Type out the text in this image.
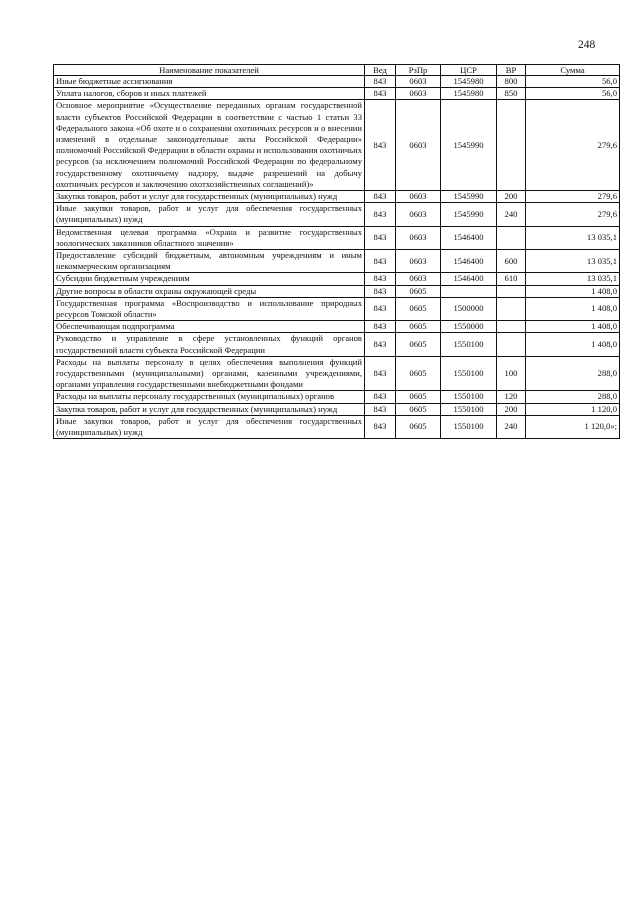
248
Наименование показателей	Вед	РзПр	ЦСР	ВР	Сумма
Иные бюджетные ассигнования	843	0603	1545980	800	56,0
Уплата налогов, сборов и иных платежей	843	0603	1545980	850	56,0
Основное мероприятие «Осуществление переданных органам государственной власти субъектов Российской Федерации в соответствии с частью 1 статьи 33 Федерального закона «Об охоте и о сохранении охотничьих ресурсов и о внесении изменений в отдельные законодательные акты Российской Федерации» полномочий Российской Федерации в области охраны и использования охотничьих ресурсов (за исключением полномочий Российской Федерации по федеральному государственному охотничьему надзору, выдаче разрешений на добычу охотничьих ресурсов и заключению охотхозяйственных соглашений)»	843	0603	1545990		279,6
Закупка товаров, работ и услуг для государственных (муниципальных) нужд	843	0603	1545990	200	279,6
Иные закупки товаров, работ и услуг для обеспечения государственных (муниципальных) нужд	843	0603	1545990	240	279,6
Ведомственная целевая программа «Охрана и развитие государственных зоологических заказников областного значения»	843	0603	1546400		13 035,1
Предоставление субсидий бюджетным, автономным учреждениям и иным некоммерческим организациям	843	0603	1546400	600	13 035,1
Субсидии бюджетным учреждениям	843	0603	1546400	610	13 035,1
Другие вопросы в области охраны окружающей среды	843	0605			1 408,0
Государственная программа «Воспроизводство и использование природных ресурсов Томской области»	843	0605	1500000		1 408,0
Обеспечивающая подпрограмма	843	0605	1550000		1 408,0
Руководство и управление в сфере установленных функций органов государственной власти субъекта Российской Федерации	843	0605	1550100		1 408,0
Расходы на выплаты персоналу в целях обеспечения выполнения функций государственными (муниципальными) органами, казенными учреждениями, органами управления государственными внебюджетными фондами	843	0605	1550100	100	288,0
Расходы на выплаты персоналу государственных (муниципальных) органов	843	0605	1550100	120	288,0
Закупка товаров, работ и услуг для государственных (муниципальных) нужд	843	0605	1550100	200	1 120,0
Иные закупки товаров, работ и услуг для обеспечения государственных (муниципальных) нужд	843	0605	1550100	240	1 120,0»;
